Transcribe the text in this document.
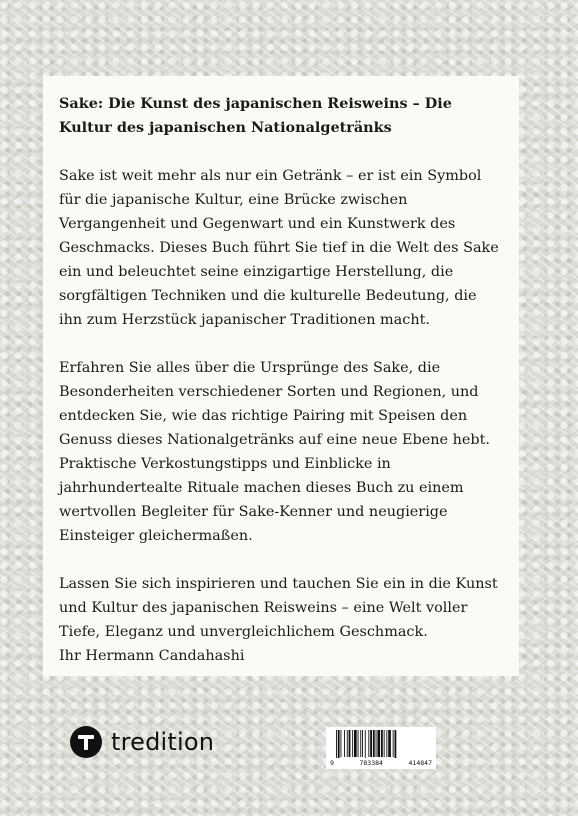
Sake: Die Kunst des japanischen Reisweins – Die Kultur des japanischen Nationalgetränks

Sake ist weit mehr als nur ein Getränk – er ist ein Symbol für die japanische Kultur, eine Brücke zwischen Vergangenheit und Gegenwart und ein Kunstwerk des Geschmacks. Dieses Buch führt Sie tief in die Welt des Sake ein und beleuchtet seine einzigartige Herstellung, die sorgfältigen Techniken und die kulturelle Bedeutung, die ihn zum Herzstück japanischer Traditionen macht.

Erfahren Sie alles über die Ursprünge des Sake, die Besonderheiten verschiedener Sorten und Regionen, und entdecken Sie, wie das richtige Pairing mit Speisen den Genuss dieses Nationalgetränks auf eine neue Ebene hebt. Praktische Verkostungstipps und Einblicke in jahrhundertealte Rituale machen dieses Buch zu einem wertvollen Begleiter für Sake-Kenner und neugierige Einsteiger gleichermaßen.

Lassen Sie sich inspirieren und tauchen Sie ein in die Kunst und Kultur des japanischen Reisweins – eine Welt voller Tiefe, Eleganz und unvergleichlichem Geschmack.

Ihr Hermann Candahashi

tredition
9	783384	414847
